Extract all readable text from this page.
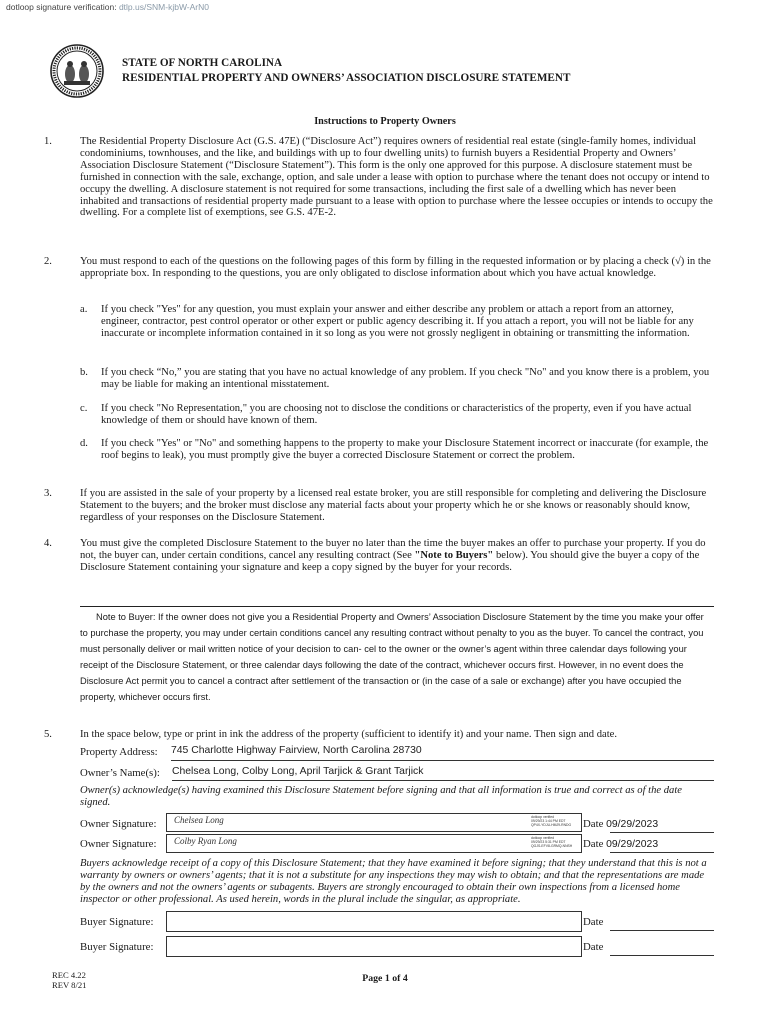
dotloop signature verification: dtlp.us/SNM-kjbW-ArN0
STATE OF NORTH CAROLINA
RESIDENTIAL PROPERTY AND OWNERS’ ASSOCIATION DISCLOSURE STATEMENT
Instructions to Property Owners
1.	The Residential Property Disclosure Act (G.S. 47E) (“Disclosure Act”) requires owners of residential real estate (single-family homes, individual condominiums, townhouses, and the like, and buildings with up to four dwelling units) to furnish buyers a Residential Property and Owners’ Association Disclosure Statement (“Disclosure Statement”). This form is the only one approved for this purpose. A disclosure statement must be furnished in connection with the sale, exchange, option, and sale under a lease with option to purchase where the tenant does not occupy or intend to occupy the dwelling. A disclosure statement is not required for some transactions, including the first sale of a dwelling which has never been inhabited and transactions of residential property made pursuant to a lease with option to purchase where the lessee occupies or intends to occupy the dwelling. For a complete list of exemptions, see G.S. 47E-2.

2.	You must respond to each of the questions on the following pages of this form by filling in the requested information or by placing a check (√) in the appropriate box. In responding to the questions, you are only obligated to disclose information about which you have actual knowledge.

a. If you check "Yes" for any question, you must explain your answer and either describe any problem or attach a report from an attorney, engineer, contractor, pest control operator or other expert or public agency describing it. If you attach a report, you will not be liable for any inaccurate or incomplete information contained in it so long as you were not grossly negligent in obtaining or transmitting the information.

b. If you check “No,” you are stating that you have no actual knowledge of any problem. If you check "No" and you know there is a problem, you may be liable for making an intentional misstatement.

c. If you check "No Representation," you are choosing not to disclose the conditions or characteristics of the property, even if you have actual knowledge of them or should have known of them.

d. If you check "Yes" or "No" and something happens to the property to make your Disclosure Statement incorrect or inaccurate (for example, the roof begins to leak), you must promptly give the buyer a corrected Disclosure Statement or correct the problem.

3.	If you are assisted in the sale of your property by a licensed real estate broker, you are still responsible for completing and delivering the Disclosure Statement to the buyers; and the broker must disclose any material facts about your property which he or she knows or reasonably should know, regardless of your responses on the Disclosure Statement.

4.	You must give the completed Disclosure Statement to the buyer no later than the time the buyer makes an offer to purchase your property. If you do not, the buyer can, under certain conditions, cancel any resulting contract (See "Note to Buyers" below). You should give the buyer a copy of the Disclosure Statement containing your signature and keep a copy signed by the buyer for your records.

Note to Buyer: If the owner does not give you a Residential Property and Owners’ Association Disclosure Statement by the time you make your offer to purchase the property, you may under certain conditions cancel any resulting contract without penalty to you as the buyer. To cancel the contract, you must personally deliver or mail written notice of your decision to can- cel to the owner or the owner’s agent within three calendar days following your receipt of the Disclosure Statement, or three calendar days following the date of the contract, whichever occurs first. However, in no event does the Disclosure Act permit you to cancel a contract after settlement of the transaction or (in the case of a sale or exchange) after you have occupied the property, whichever occurs first.

5.	In the space below, type or print in ink the address of the property (sufficient to identify it) and your name. Then sign and date.

Property Address: 745 Charlotte Highway Fairview, North Carolina 28730
Owner’s Name(s): Chelsea Long, Colby Long, April Tarjick & Grant Tarjick

Owner(s) acknowledge(s) having examined this Disclosure Statement before signing and that all information is true and correct as of the date signed.

Owner Signature: Chelsea Long	dotloop verified
09/29/23 1:44 PM EDT
QP4X-YDJU-HMJ9-RNDG	Date 09/29/2023
Owner Signature: Colby Ryan Long	dotloop verified
09/29/23 5:31 PM EDT
QGJS-EFV8-GRMQ-NNSH Date 09/29/2023

Buyers acknowledge receipt of a copy of this Disclosure Statement; that they have examined it before signing; that they understand that this is not a warranty by owners or owners’ agents; that it is not a substitute for any inspections they may wish to obtain; and that the representations are made by the owners and not the owners’ agents or subagents. Buyers are strongly encouraged to obtain their own inspections from a licensed home inspector or other professional. As used herein, words in the plural include the singular, as appropriate.

Buyer Signature:	Date
Buyer Signature:	Date
REC 4.22
REV 8/21
Page 1 of 4
